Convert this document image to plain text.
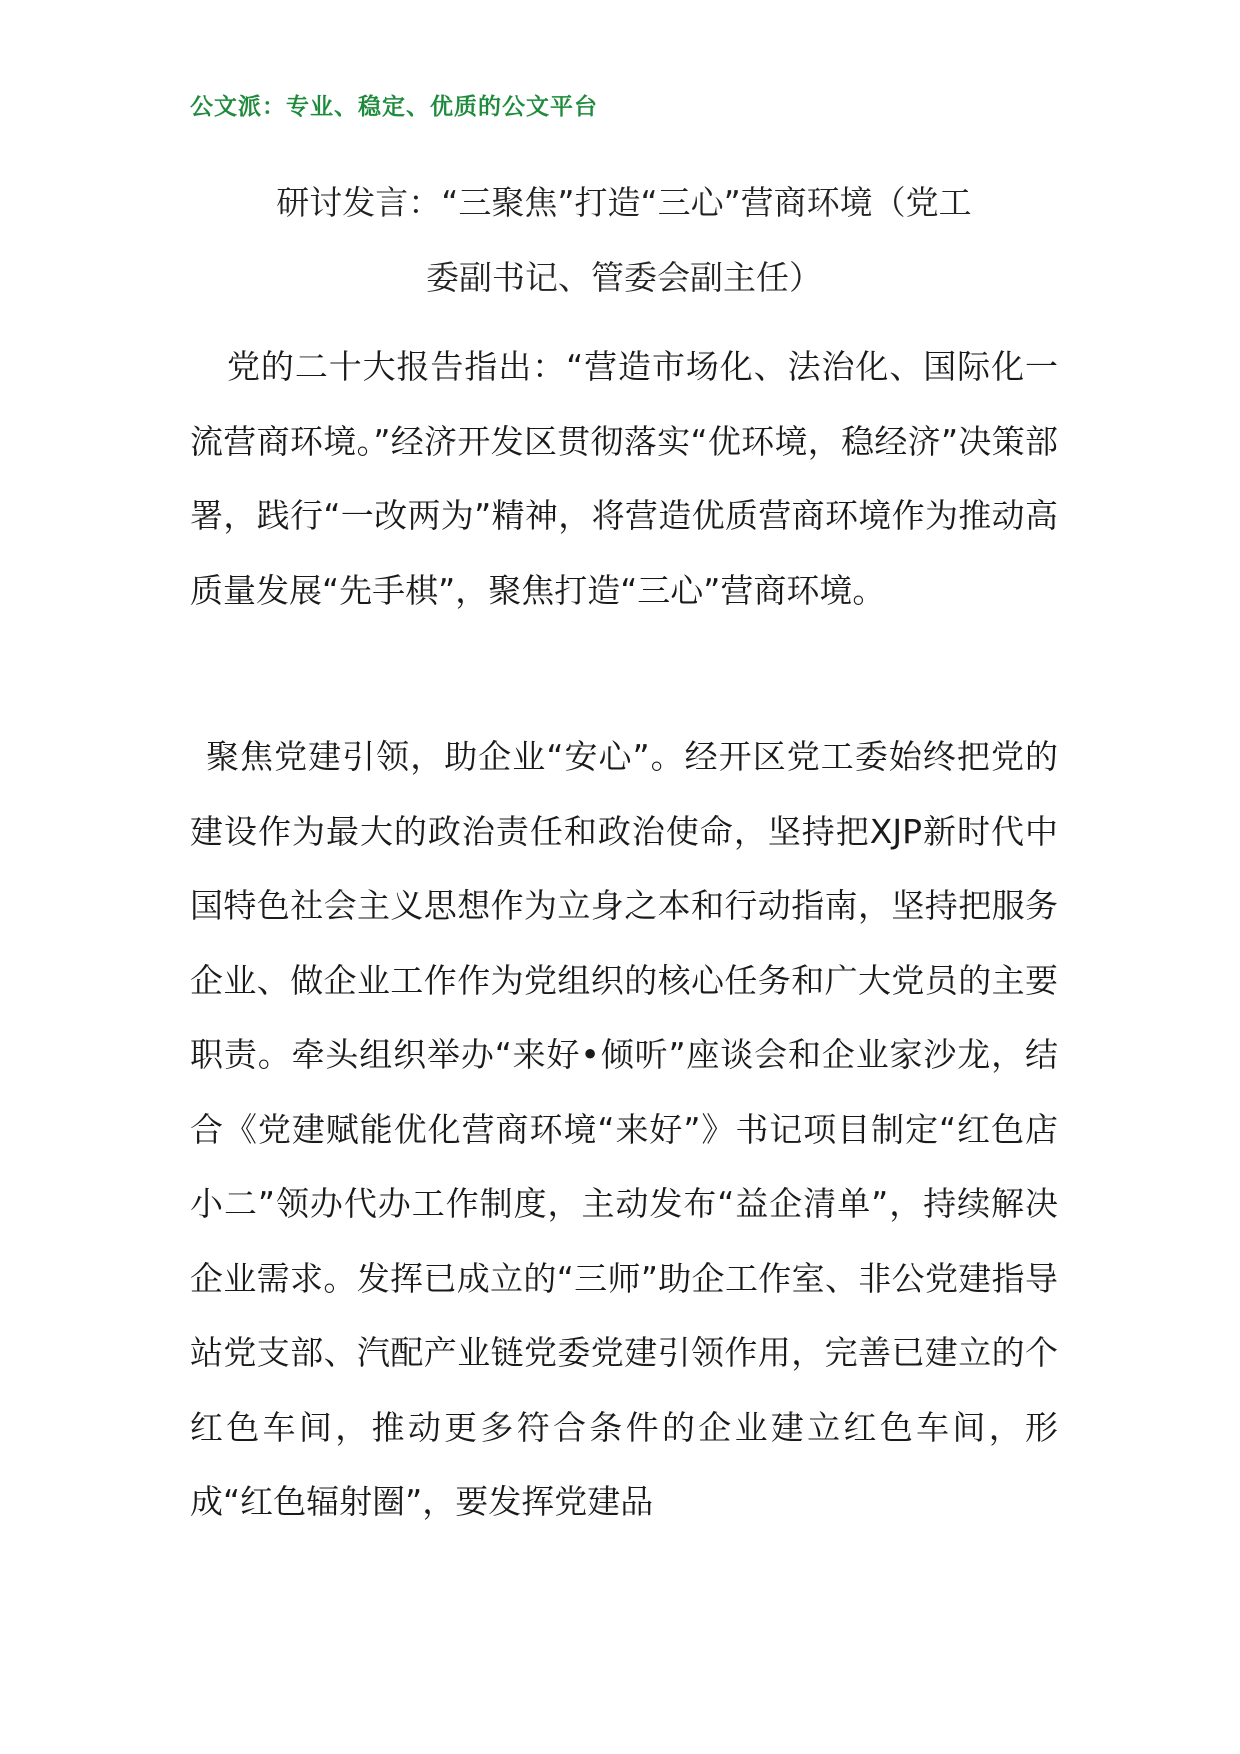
公文派：专业、稳定、优质的公文平台
研讨发言：“三聚焦”打造“三心”营商环境（党工
委副书记、管委会副主任）

党的二十大报告指出：“营造市场化、法治化、国际化一流营商环境。”经济开发区贯彻落实“优环境，稳经济”决策部署，践行“一改两为”精神，将营造优质营商环境作为推动高质量发展“先手棋”，聚焦打造“三心”营商环境。

聚焦党建引领，助企业“安心”。经开区党工委始终把党的建设作为最大的政治责任和政治使命，坚持把XJP新时代中国特色社会主义思想作为立身之本和行动指南，坚持把服务企业、做企业工作作为党组织的核心任务和广大党员的主要职责。牵头组织举办“来好•倾听”座谈会和企业家沙龙，结合《党建赋能优化营商环境“来好”》书记项目制定“红色店小二”领办代办工作制度，主动发布“益企清单”，持续解决企业需求。发挥已成立的“三师”助企工作室、非公党建指导站党支部、汽配产业链党委党建引领作用，完善已建立的个红色车间，推动更多符合条件的企业建立红色车间，形成“红色辐射圈”，要发挥党建品
